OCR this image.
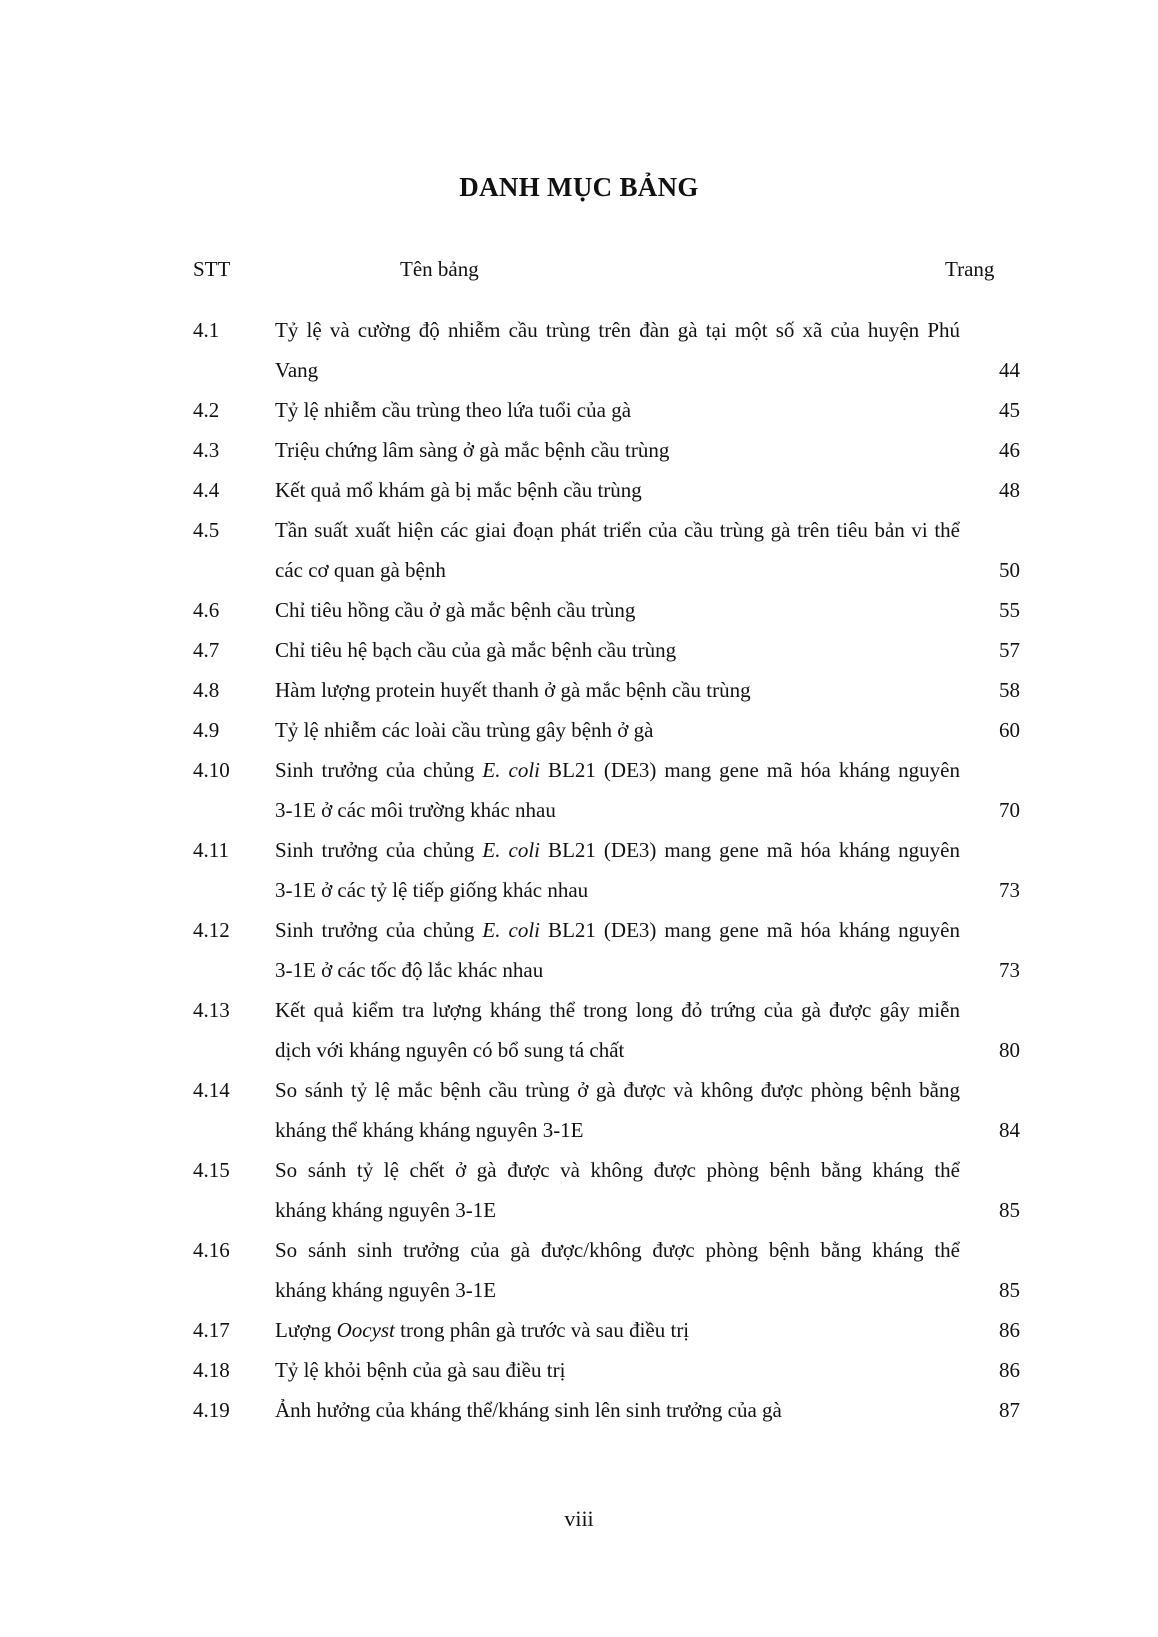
DANH MỤC BẢNG
STT	Tên bảng	Trang
4.1	Tỷ lệ và cường độ nhiễm cầu trùng trên đàn gà tại một số xã của huyện Phú
Vang	44
4.2	Tỷ lệ nhiễm cầu trùng theo lứa tuổi của gà	45
4.3	Triệu chứng lâm sàng ở gà mắc bệnh cầu trùng	46
4.4	Kết quả mổ khám gà bị mắc bệnh cầu trùng	48
4.5	Tần suất xuất hiện các giai đoạn phát triển của cầu trùng gà trên tiêu bản vi thể
các cơ quan gà bệnh	50
4.6	Chỉ tiêu hồng cầu ở gà mắc bệnh cầu trùng	55
4.7	Chỉ tiêu hệ bạch cầu của gà mắc bệnh cầu trùng	57
4.8	Hàm lượng protein huyết thanh ở gà mắc bệnh cầu trùng	58
4.9	Tỷ lệ nhiễm các loài cầu trùng gây bệnh ở gà	60
4.10 Sinh trưởng của chủng E. coli BL21 (DE3) mang gene mã hóa kháng nguyên
3-1E ở các môi trường khác nhau	70
4.11 Sinh trưởng của chủng E. coli BL21 (DE3) mang gene mã hóa kháng nguyên
3-1E ở các tỷ lệ tiếp giống khác nhau	73
4.12 Sinh trưởng của chủng E. coli BL21 (DE3) mang gene mã hóa kháng nguyên
3-1E ở các tốc độ lắc khác nhau	73
4.13 Kết quả kiểm tra lượng kháng thể trong long đỏ trứng của gà được gây miễn
dịch với kháng nguyên có bổ sung tá chất	80
4.14 So sánh tỷ lệ mắc bệnh cầu trùng ở gà được và không được phòng bệnh bằng
kháng thể kháng kháng nguyên 3-1E	84
4.15 So sánh tỷ lệ chết ở gà được và không được phòng bệnh bằng kháng thể
kháng kháng nguyên 3-1E	85
4.16 So sánh sinh trưởng của gà được/không được phòng bệnh bằng kháng thể
kháng kháng nguyên 3-1E	85
4.17 Lượng Oocyst trong phân gà trước và sau điều trị	86
4.18 Tỷ lệ khỏi bệnh của gà sau điều trị	86
4.19 Ảnh hưởng của kháng thể/kháng sinh lên sinh trưởng của gà	87
viii
